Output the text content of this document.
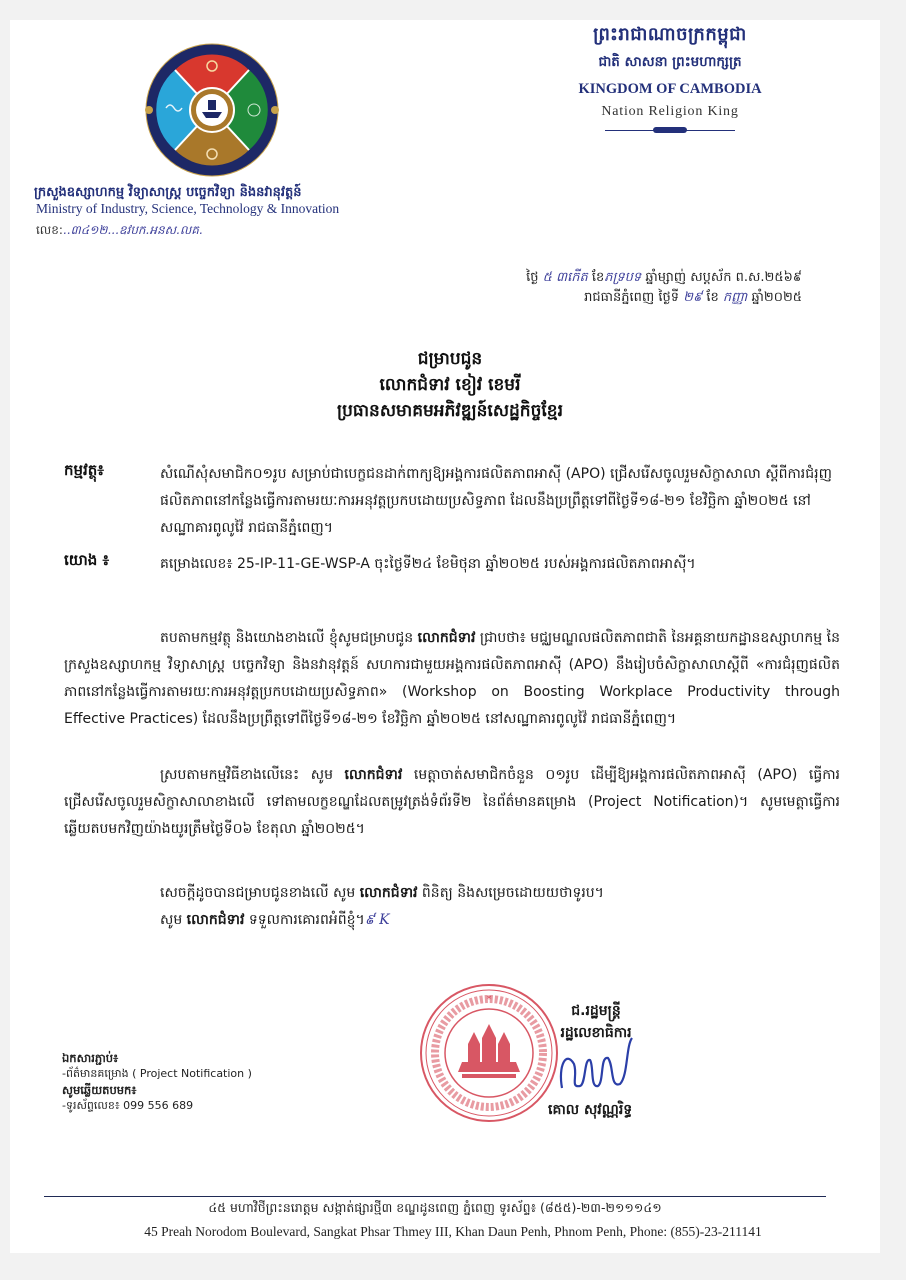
ក្រសួងឧស្សាហកម្ម វិទ្យាសាស្ត្រ បច្ចេកវិទ្យា និងនវានុវត្តន៍
Ministry of Industry, Science, Technology & Innovation
លេខ:..៣៤១២...ឧវបក.អនស.លគ.
ព្រះរាជាណាចក្រកម្ពុជា
ជាតិ សាសនា ព្រះមហាក្សត្រ
KINGDOM OF CAMBODIA
Nation Religion King
ថ្ងៃ ៥ ៣កើត ខែភទ្របទ ឆ្នាំម្សាញ់ សប្តស័ក ព.ស.២៥៦៩
រាជធានីភ្នំពេញ ថ្ងៃទី ២៩ ខែ កញ្ញា ឆ្នាំ២០២៥
ជម្រាបជូន
លោកជំទាវ ខៀវ ខេមរី
ប្រធានសមាគមអភិវឌ្ឍន៍សេដ្ឋកិច្ចខ្មែរ
កម្មវត្ថុ៖	សំណើសុំសមាជិក០១រូប សម្រាប់ជាបេក្ខជនដាក់ពាក្យឱ្យអង្គការផលិតភាពអាស៊ី (APO) ជ្រើសរើសចូលរួមសិក្ខាសាលា ស្តីពីការជំរុញផលិតភាពនៅកន្លែងធ្វើការតាមរយៈការអនុវត្តប្រកបដោយប្រសិទ្ធភាព ដែលនឹងប្រព្រឹត្តទៅពីថ្ងៃទី១៨-២១ ខែវិច្ឆិកា ឆ្នាំ២០២៥ នៅសណ្ឋាគារពូលូវ៉ៃ រាជធានីភ្នំពេញ។
យោង ៖	គម្រោងលេខ៖ 25-IP-11-GE-WSP-A ចុះថ្ងៃទី២៤ ខែមិថុនា ឆ្នាំ២០២៥ របស់អង្គការផលិតភាពអាស៊ី។
តបតាមកម្មវត្ថុ និងយោងខាងលើ ខ្ញុំសូមជម្រាបជូន លោកជំទាវ ជ្រាបថា៖ មជ្ឈមណ្ឌលផលិតភាពជាតិ នៃអគ្គនាយកដ្ឋានឧស្សាហកម្ម នៃក្រសួងឧស្សាហកម្ម វិទ្យាសាស្ត្រ បច្ចេកវិទ្យា និងនវានុវត្តន៍ សហការជាមួយអង្គការផលិតភាពអាស៊ី (APO) នឹងរៀបចំសិក្ខាសាលាស្តីពី «ការជំរុញផលិតភាពនៅកន្លែងធ្វើការតាមរយៈការអនុវត្តប្រកបដោយប្រសិទ្ធភាព» (Workshop on Boosting Workplace Productivity through Effective Practices) ដែលនឹងប្រព្រឹត្តទៅពីថ្ងៃទី១៨-២១ ខែវិច្ឆិកា ឆ្នាំ២០២៥ នៅសណ្ឋាគារពូលូវ៉ៃ រាជធានីភ្នំពេញ។
ស្របតាមកម្មវិធីខាងលើនេះ សូម លោកជំទាវ មេត្តាចាត់សមាជិកចំនួន ០១រូប ដើម្បីឱ្យអង្គការផលិតភាពអាស៊ី (APO) ធ្វើការជ្រើសរើសចូលរួមសិក្ខាសាលាខាងលើ ទៅតាមលក្ខខណ្ឌដែលតម្រូវត្រង់ទំព័រទី២ នៃព័ត៌មានគម្រោង (Project Notification)។ សូមមេត្តាធ្វើការឆ្លើយតបមកវិញយ៉ាងយូរត្រឹមថ្ងៃទី០៦ ខែតុលា ឆ្នាំ២០២៥។
សេចក្តីដូចបានជម្រាបជូនខាងលើ សូម លោកជំទាវ ពិនិត្យ និងសម្រេចដោយយថាទូរប។
សូម លោកជំទាវ ទទួលការគោរពអំពីខ្ញុំ។៩ K
ឯកសារភ្ជាប់៖
-ព័ត៌មានគម្រោង ( Project Notification )
សូមឆ្លើយតបមក៖
-ទូរស័ព្ទលេខ៖ 099 556 689
*
ជ.រដ្ឋមន្ត្រី
រដ្ឋលេខាធិការ
គោល សុវណ្ណរិទ្ធ
៤៥ មហាវិថីព្រះនរោត្តម សង្កាត់ផ្សារថ្មី៣ ខណ្ឌដូនពេញ ភ្នំពេញ ទូរស័ព្ទ៖ (៨៥៥)-២៣-២១១១៤១
45 Preah Norodom Boulevard, Sangkat Phsar Thmey III, Khan Daun Penh, Phnom Penh, Phone: (855)-23-211141
